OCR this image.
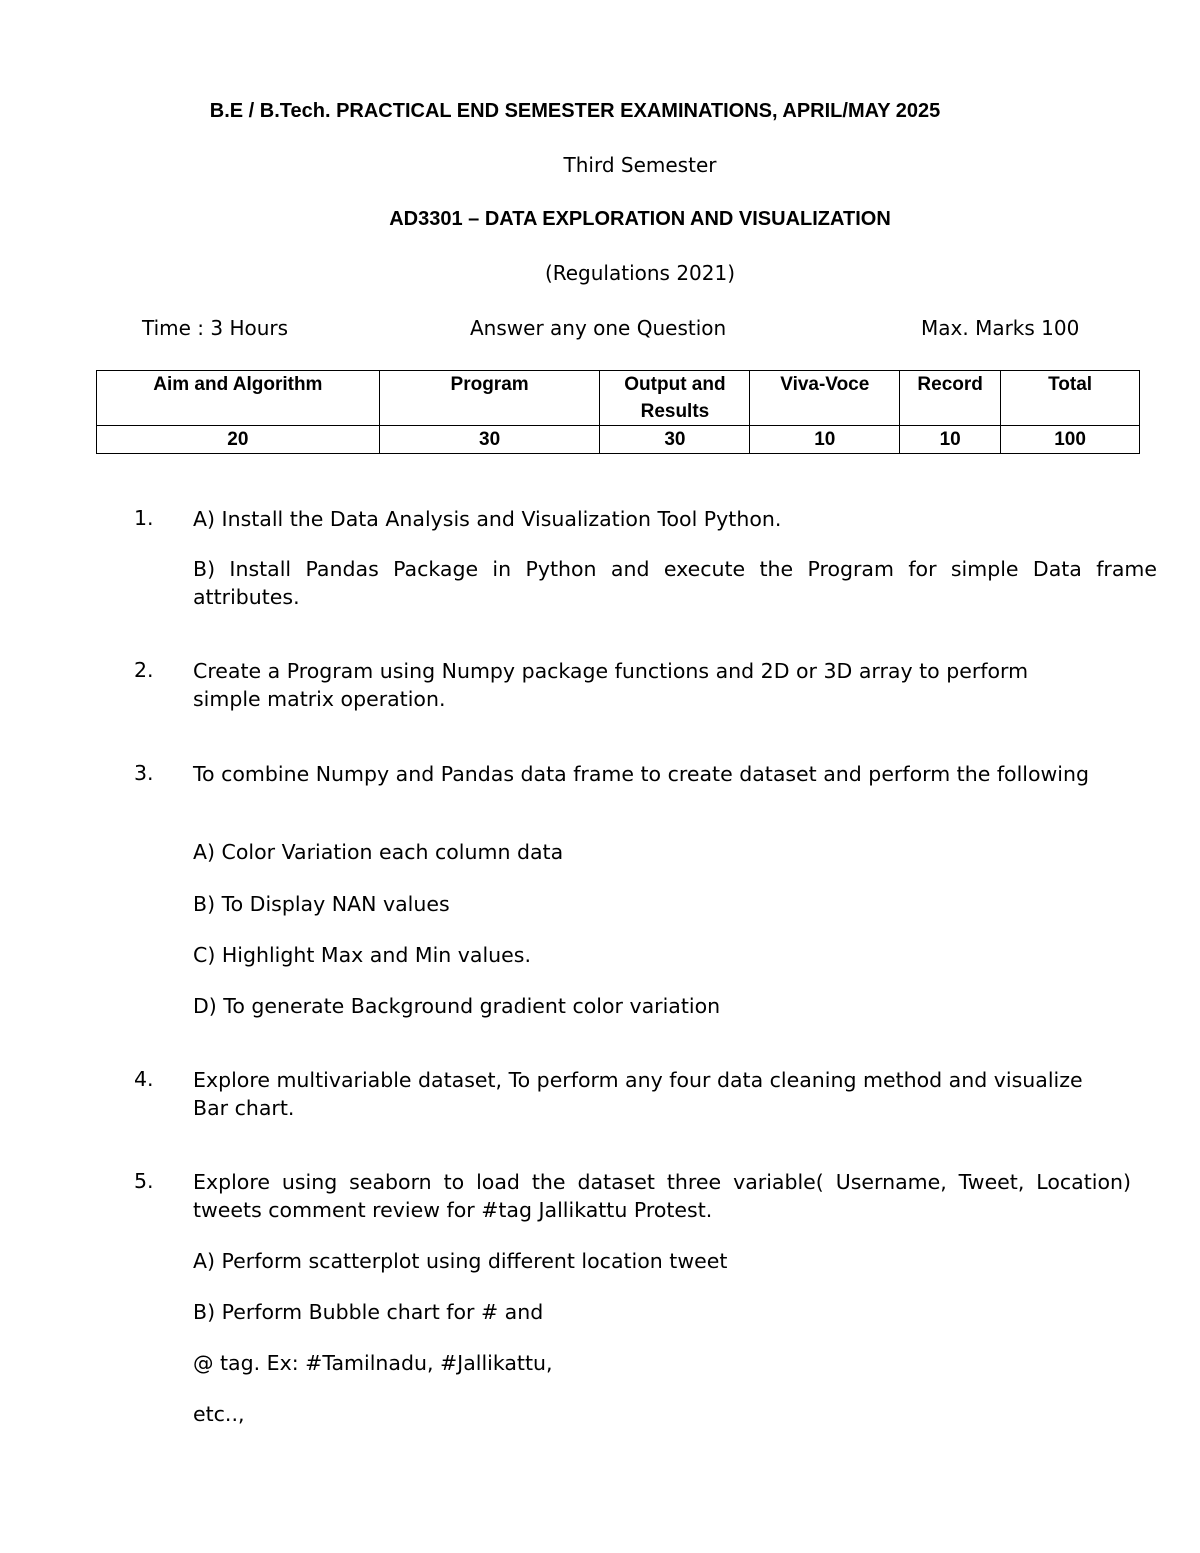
B.E / B.Tech. PRACTICAL END SEMESTER EXAMINATIONS, APRIL/MAY 2025
Third Semester
AD3301 – DATA EXPLORATION AND VISUALIZATION
(Regulations 2021)
Time : 3 Hours	Answer any one Question	Max. Marks 100
Aim and Algorithm	Program	Output and Results	Viva-Voce	Record	Total
20	30	30	10	10	100
1. A) Install the Data Analysis and Visualization Tool Python.
B) Install Pandas Package in Python and execute the Program for simple Data frame attributes.
2. Create a Program using Numpy package functions and 2D or 3D array to perform simple matrix operation.
3. To combine Numpy and Pandas data frame to create dataset and perform the following
A) Color Variation each column data
B) To Display NAN values
C) Highlight Max and Min values.
D) To generate Background gradient color variation
4. Explore multivariable dataset, To perform any four data cleaning method and visualize Bar chart.
5. Explore using seaborn to load the dataset three variable( Username, Tweet, Location) tweets comment review for #tag Jallikattu Protest.
A) Perform scatterplot using different location tweet
B) Perform Bubble chart for # and
@ tag. Ex: #Tamilnadu, #Jallikattu,
etc..,
